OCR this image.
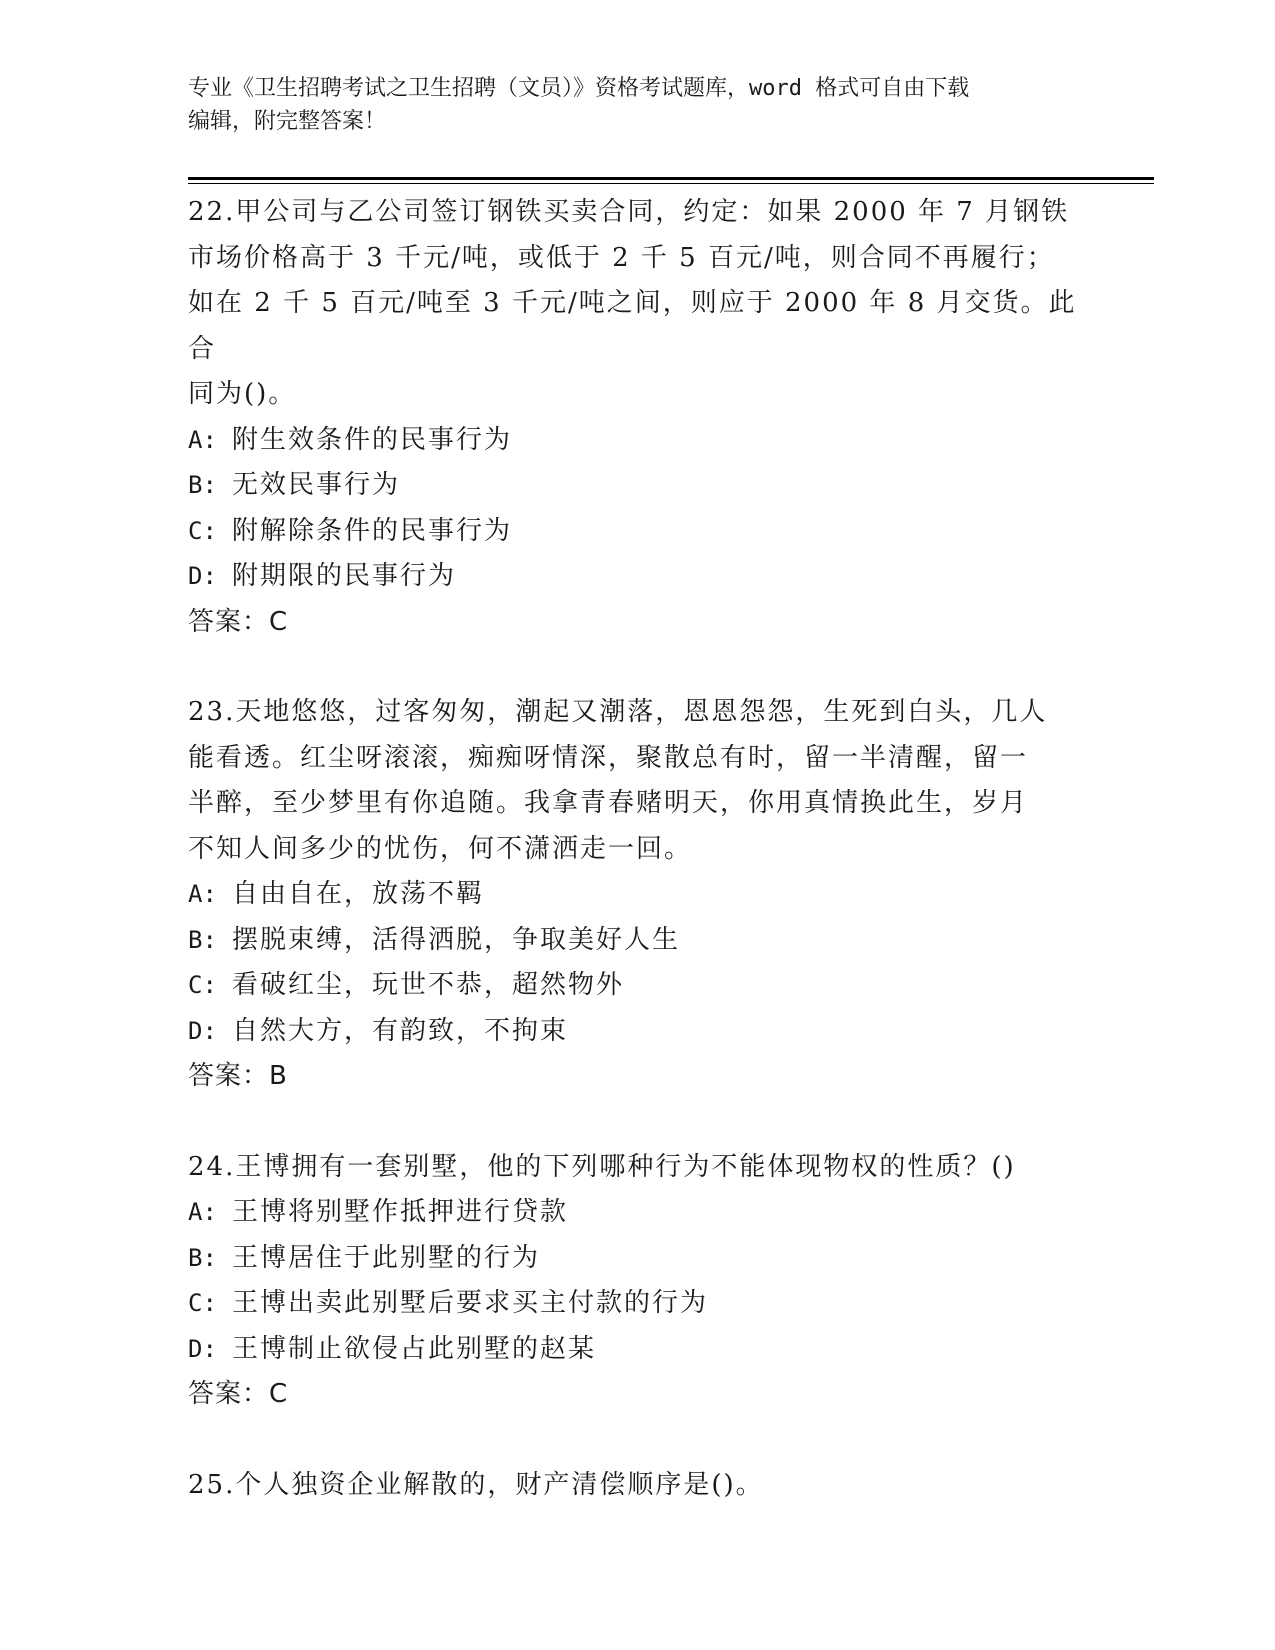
专业《卫生招聘考试之卫生招聘（文员）》资格考试题库，word 格式可自由下载
编辑，附完整答案！
22.甲公司与乙公司签订钢铁买卖合同，约定：如果 2000 年 7 月钢铁
市场价格高于 3 千元/吨，或低于 2 千 5 百元/吨，则合同不再履行；
如在 2 千 5 百元/吨至 3 千元/吨之间，则应于 2000 年 8 月交货。此合
同为()。
A: 附生效条件的民事行为
B: 无效民事行为
C: 附解除条件的民事行为
D: 附期限的民事行为
答案：C
23.天地悠悠，过客匆匆，潮起又潮落，恩恩怨怨，生死到白头，几人
能看透。红尘呀滚滚，痴痴呀情深，聚散总有时，留一半清醒，留一
半醉，至少梦里有你追随。我拿青春赌明天，你用真情换此生，岁月
不知人间多少的忧伤，何不潇洒走一回。
A: 自由自在，放荡不羁
B: 摆脱束缚，活得洒脱，争取美好人生
C: 看破红尘，玩世不恭，超然物外
D: 自然大方，有韵致，不拘束
答案：B
24.王博拥有一套别墅，他的下列哪种行为不能体现物权的性质？()
A: 王博将别墅作抵押进行贷款
B: 王博居住于此别墅的行为
C: 王博出卖此别墅后要求买主付款的行为
D: 王博制止欲侵占此别墅的赵某
答案：C
25.个人独资企业解散的，财产清偿顺序是()。
